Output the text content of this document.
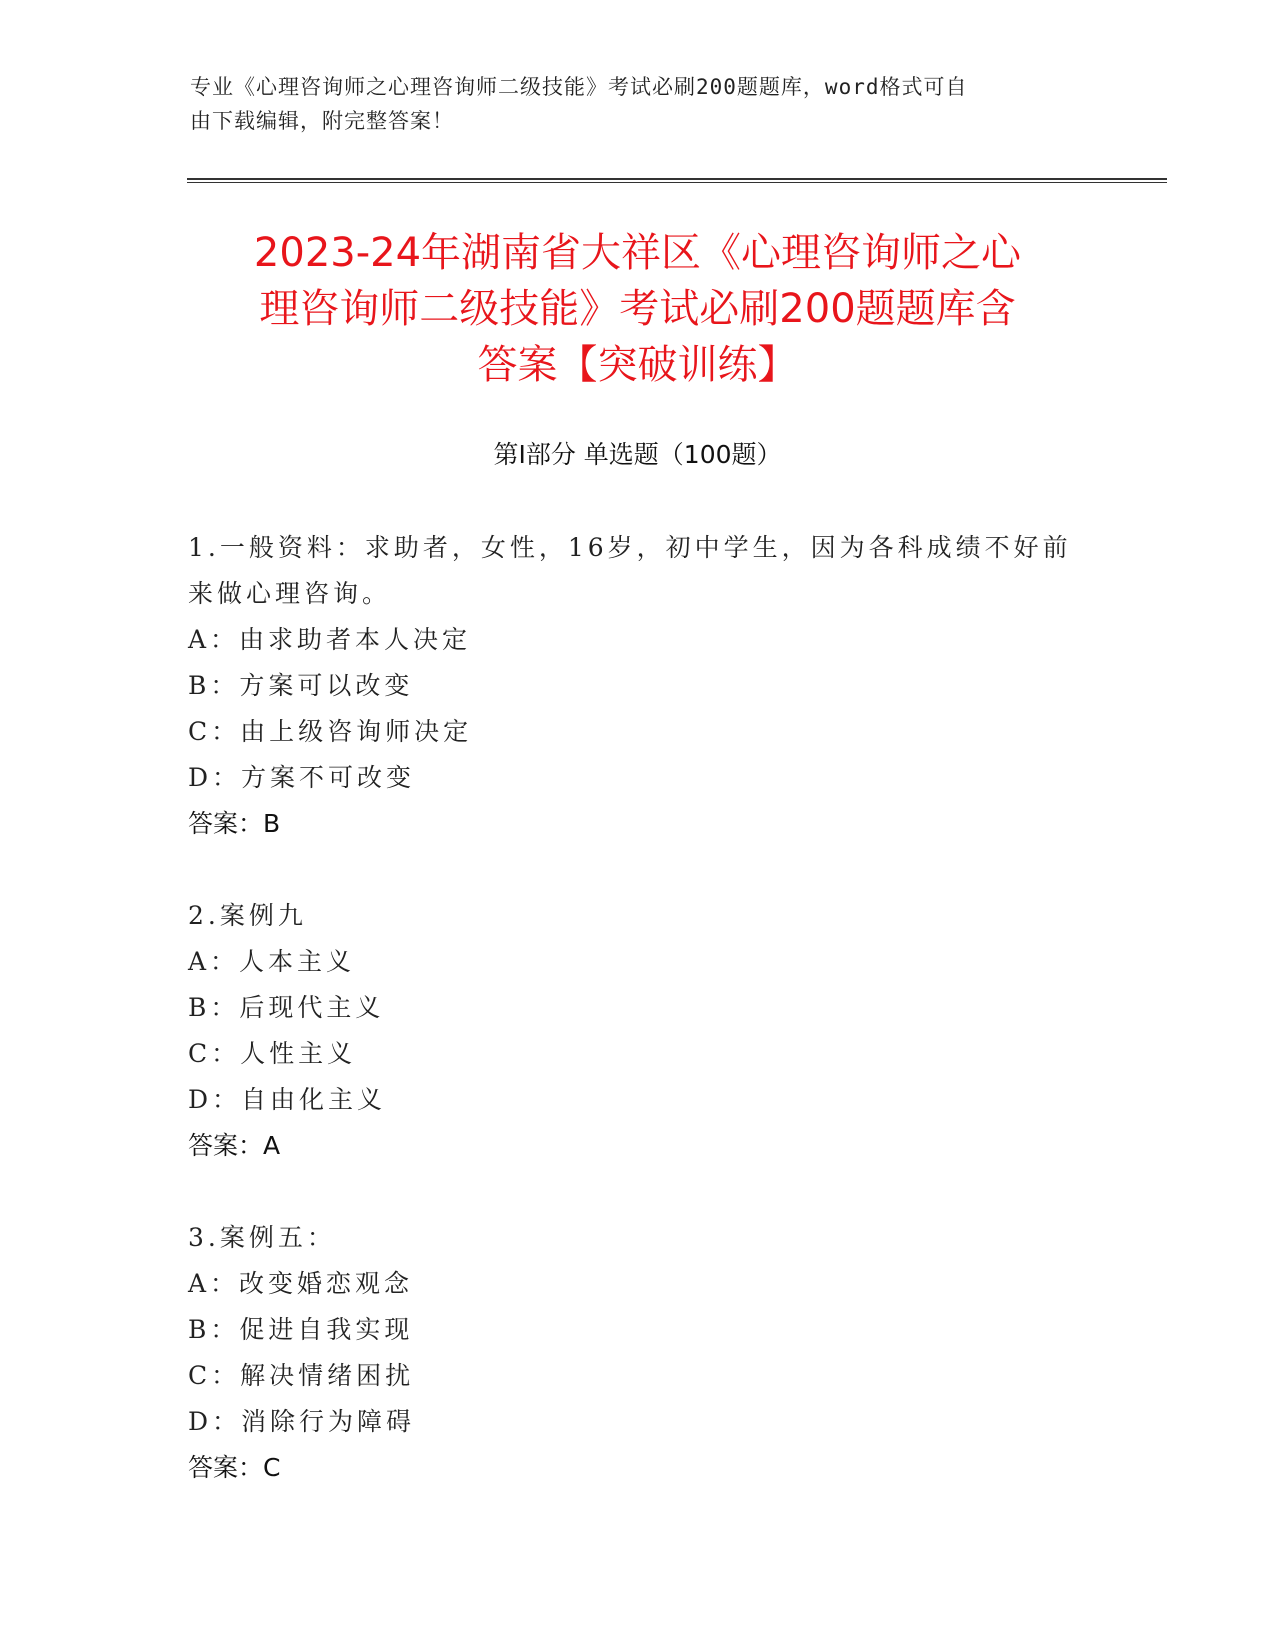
专业《心理咨询师之心理咨询师二级技能》考试必刷200题题库，word格式可自
由下载编辑，附完整答案！
2023-24年湖南省大祥区《心理咨询师之心
理咨询师二级技能》考试必刷200题题库含
答案【突破训练】
第Ⅰ部分 单选题（100题）
1.一般资料：求助者，女性，16岁，初中学生，因为各科成绩不好前
来做心理咨询。
A：由求助者本人决定
B：方案可以改变
C：由上级咨询师决定
D：方案不可改变
答案：B
2.案例九
A：人本主义
B：后现代主义
C：人性主义
D：自由化主义
答案：A
3.案例五：
A：改变婚恋观念
B：促进自我实现
C：解决情绪困扰
D：消除行为障碍
答案：C
